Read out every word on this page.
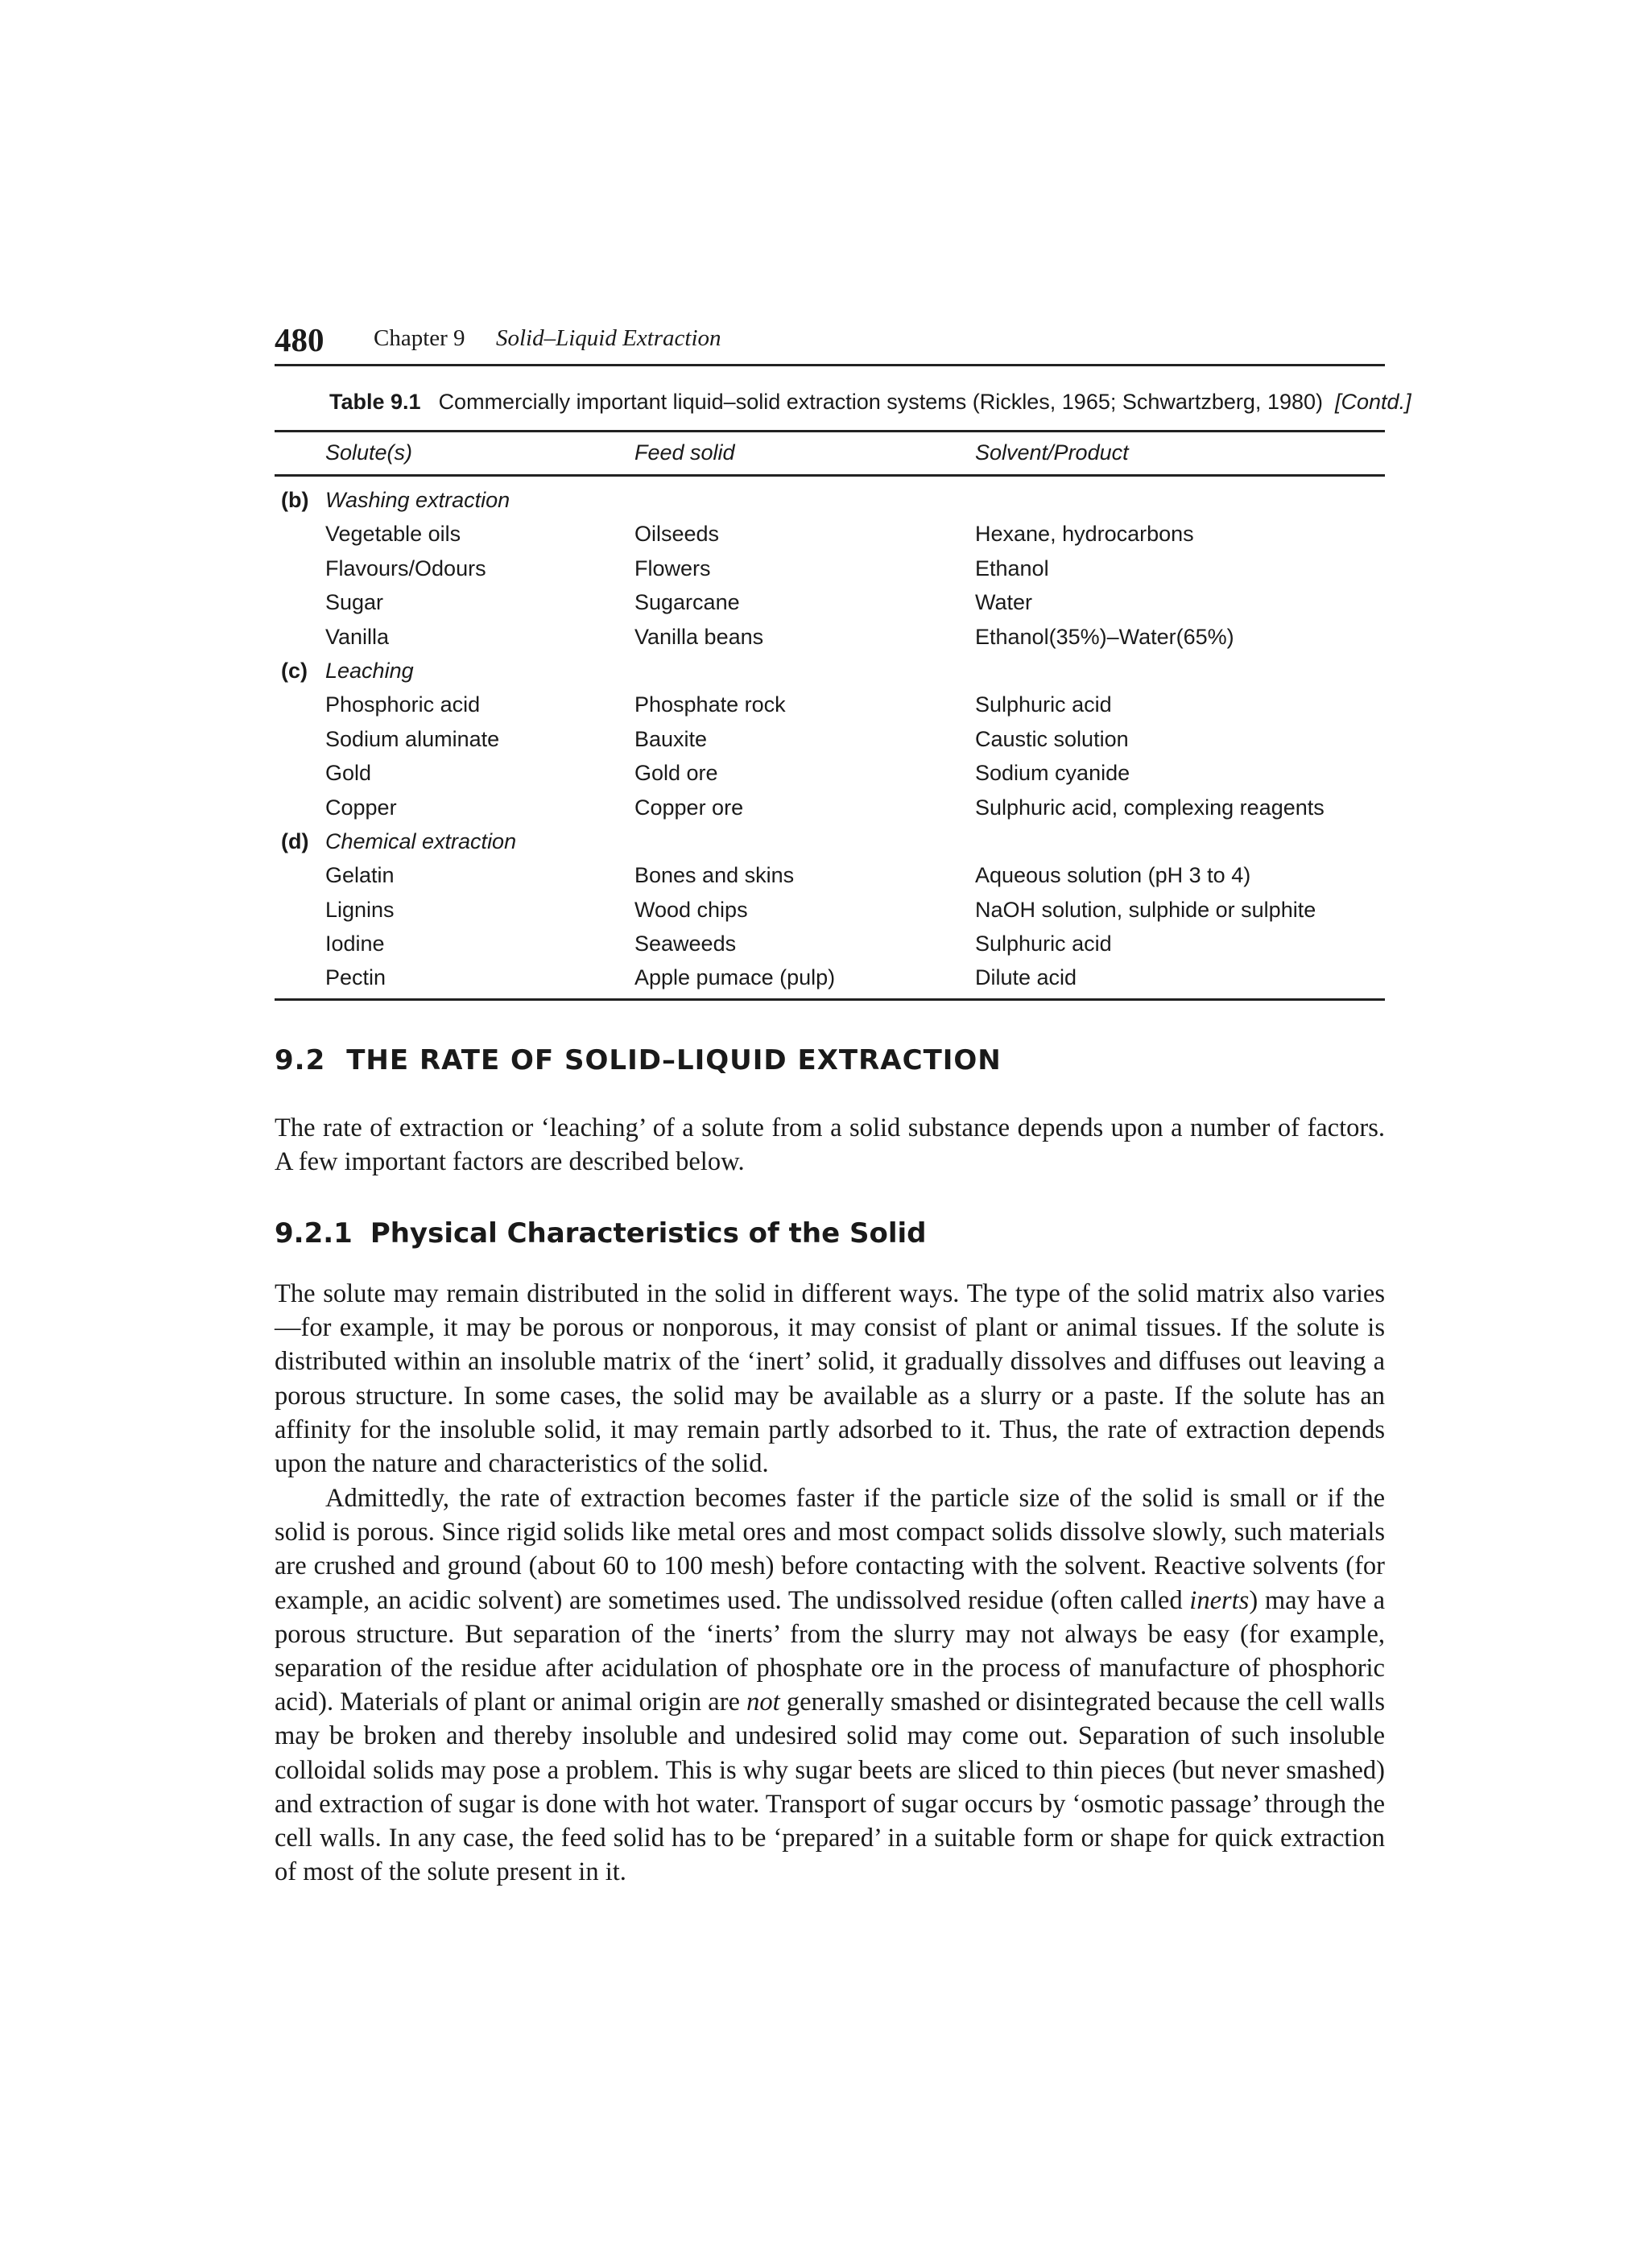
480 Chapter 9 Solid–Liquid Extraction
Table 9.1 Commercially important liquid–solid extraction systems (Rickles, 1965; Schwartzberg, 1980) [Contd.]
Solute(s)	Feed solid	Solvent/Product
(b) Washing extraction
Vegetable oils	Oilseeds	Hexane, hydrocarbons
Flavours/Odours	Flowers	Ethanol
Sugar	Sugarcane	Water
Vanilla	Vanilla beans	Ethanol(35%)–Water(65%)
(c) Leaching
Phosphoric acid	Phosphate rock	Sulphuric acid
Sodium aluminate	Bauxite	Caustic solution
Gold	Gold ore	Sodium cyanide
Copper	Copper ore	Sulphuric acid, complexing reagents
(d) Chemical extraction
Gelatin	Bones and skins	Aqueous solution (pH 3 to 4)
Lignins	Wood chips	NaOH solution, sulphide or sulphite
Iodine	Seaweeds	Sulphuric acid
Pectin	Apple pumace (pulp)	Dilute acid
9.2 THE RATE OF SOLID–LIQUID EXTRACTION

The rate of extraction or ‘leaching’ of a solute from a solid substance depends upon a number of factors. A few important factors are described below.

9.2.1 Physical Characteristics of the Solid

The solute may remain distributed in the solid in different ways. The type of the solid matrix also varies—for example, it may be porous or nonporous, it may consist of plant or animal tissues. If the solute is distributed within an insoluble matrix of the ‘inert’ solid, it gradually dissolves and diffuses out leaving a porous structure. In some cases, the solid may be available as a slurry or a paste. If the solute has an affinity for the insoluble solid, it may remain partly adsorbed to it. Thus, the rate of extraction depends upon the nature and characteristics of the solid.

Admittedly, the rate of extraction becomes faster if the particle size of the solid is small or if the solid is porous. Since rigid solids like metal ores and most compact solids dissolve slowly, such materials are crushed and ground (about 60 to 100 mesh) before contacting with the solvent. Reactive solvents (for example, an acidic solvent) are sometimes used. The undissolved residue (often called inerts) may have a porous structure. But separation of the ‘inerts’ from the slurry may not always be easy (for example, separation of the residue after acidulation of phosphate ore in the process of manufacture of phosphoric acid). Materials of plant or animal origin are not generally smashed or disintegrated because the cell walls may be broken and thereby insoluble and undesired solid may come out. Separation of such insoluble colloidal solids may pose a problem. This is why sugar beets are sliced to thin pieces (but never smashed) and extraction of sugar is done with hot water. Transport of sugar occurs by ‘osmotic passage’ through the cell walls. In any case, the feed solid has to be ‘prepared’ in a suitable form or shape for quick extraction of most of the solute present in it.
